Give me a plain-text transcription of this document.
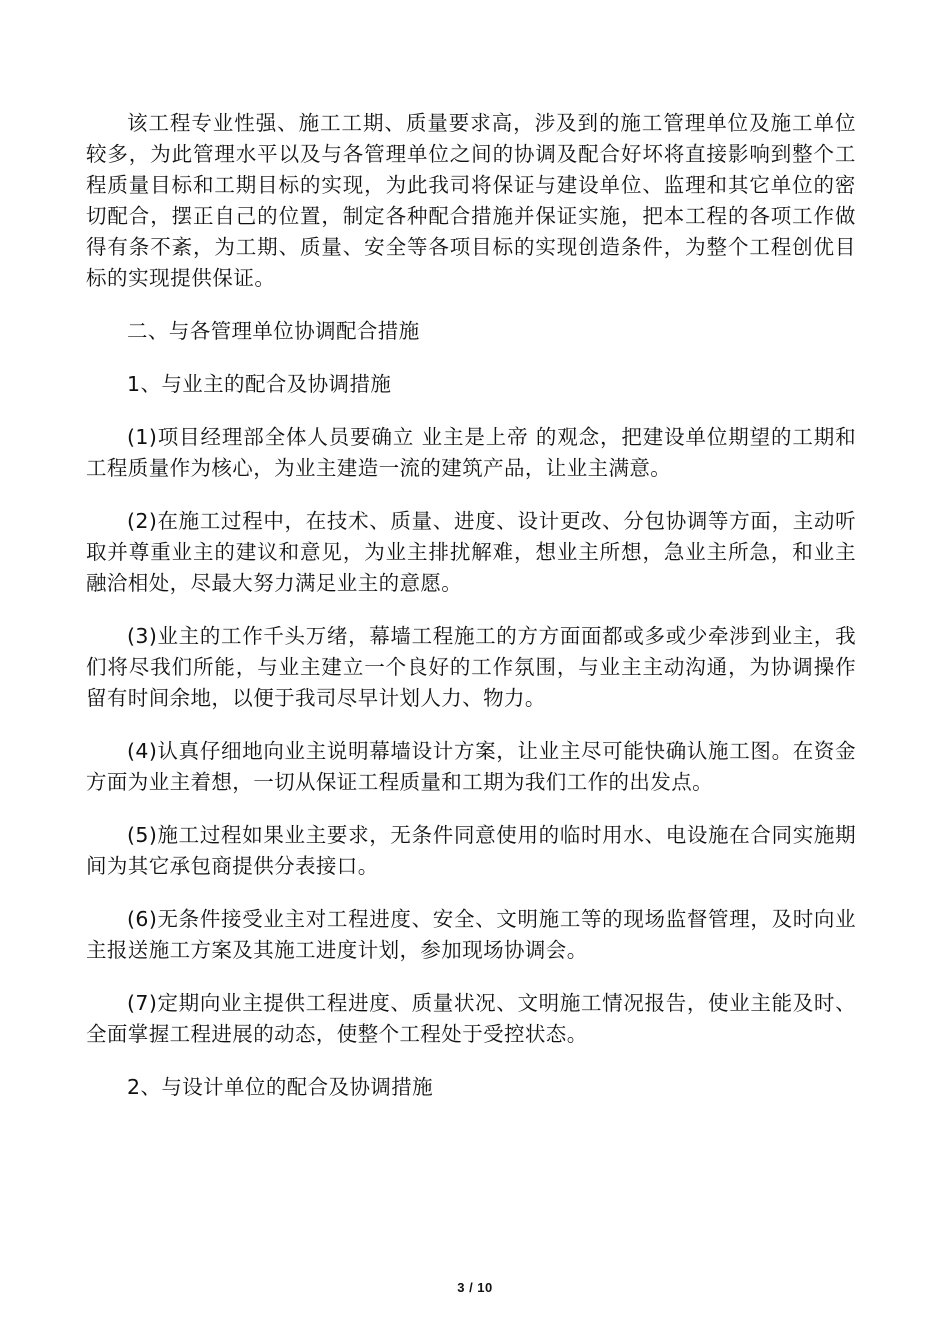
该工程专业性强、施工工期、质量要求高，涉及到的施工管理单位及施工单位较多，为此管理水平以及与各管理单位之间的协调及配合好坏将直接影响到整个工程质量目标和工期目标的实现，为此我司将保证与建设单位、监理和其它单位的密切配合，摆正自己的位置，制定各种配合措施并保证实施，把本工程的各项工作做得有条不紊，为工期、质量、安全等各项目标的实现创造条件，为整个工程创优目标的实现提供保证。

二、与各管理单位协调配合措施

1、与业主的配合及协调措施

(1)项目经理部全体人员要确立 业主是上帝 的观念，把建设单位期望的工期和工程质量作为核心，为业主建造一流的建筑产品，让业主满意。

(2)在施工过程中，在技术、质量、进度、设计更改、分包协调等方面，主动听取并尊重业主的建议和意见，为业主排扰解难，想业主所想，急业主所急，和业主融洽相处，尽最大努力满足业主的意愿。

(3)业主的工作千头万绪，幕墙工程施工的方方面面都或多或少牵涉到业主，我们将尽我们所能，与业主建立一个良好的工作氛围，与业主主动沟通，为协调操作留有时间余地，以便于我司尽早计划人力、物力。

(4)认真仔细地向业主说明幕墙设计方案，让业主尽可能快确认施工图。在资金方面为业主着想，一切从保证工程质量和工期为我们工作的出发点。

(5)施工过程如果业主要求，无条件同意使用的临时用水、电设施在合同实施期间为其它承包商提供分表接口。

(6)无条件接受业主对工程进度、安全、文明施工等的现场监督管理，及时向业主报送施工方案及其施工进度计划，参加现场协调会。

(7)定期向业主提供工程进度、质量状况、文明施工情况报告，使业主能及时、全面掌握工程进展的动态，使整个工程处于受控状态。

2、与设计单位的配合及协调措施

3 / 10
